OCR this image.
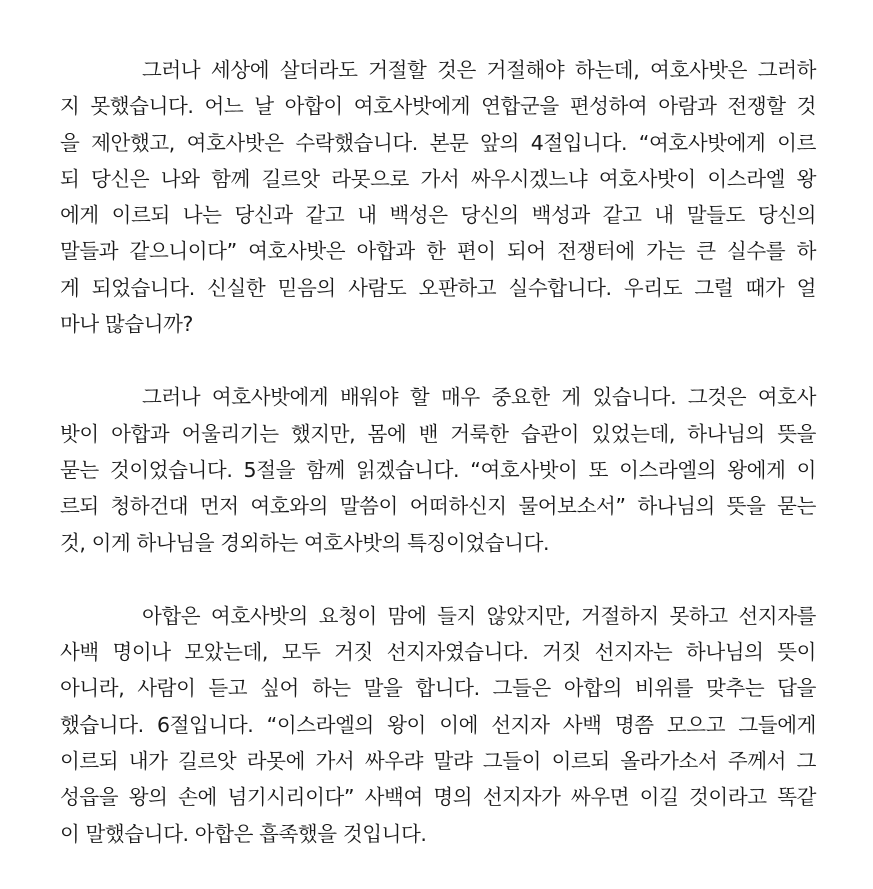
그러나 세상에 살더라도 거절할 것은 거절해야 하는데, 여호사밧은 그러하
지 못했습니다. 어느 날 아합이 여호사밧에게 연합군을 편성하여 아람과 전쟁할 것
을 제안했고, 여호사밧은 수락했습니다. 본문 앞의 4절입니다. “여호사밧에게 이르
되 당신은 나와 함께 길르앗 라못으로 가서 싸우시겠느냐 여호사밧이 이스라엘 왕
에게 이르되 나는 당신과 같고 내 백성은 당신의 백성과 같고 내 말들도 당신의
말들과 같으니이다” 여호사밧은 아합과 한 편이 되어 전쟁터에 가는 큰 실수를 하
게 되었습니다. 신실한 믿음의 사람도 오판하고 실수합니다. 우리도 그럴 때가 얼
마나 많습니까?
그러나 여호사밧에게 배워야 할 매우 중요한 게 있습니다. 그것은 여호사
밧이 아합과 어울리기는 했지만, 몸에 밴 거룩한 습관이 있었는데, 하나님의 뜻을
묻는 것이었습니다. 5절을 함께 읽겠습니다. “여호사밧이 또 이스라엘의 왕에게 이
르되 청하건대 먼저 여호와의 말씀이 어떠하신지 물어보소서” 하나님의 뜻을 묻는
것, 이게 하나님을 경외하는 여호사밧의 특징이었습니다.
아합은 여호사밧의 요청이 맘에 들지 않았지만, 거절하지 못하고 선지자를
사백 명이나 모았는데, 모두 거짓 선지자였습니다. 거짓 선지자는 하나님의 뜻이
아니라, 사람이 듣고 싶어 하는 말을 합니다. 그들은 아합의 비위를 맞추는 답을
했습니다. 6절입니다. “이스라엘의 왕이 이에 선지자 사백 명쯤 모으고 그들에게
이르되 내가 길르앗 라못에 가서 싸우랴 말랴 그들이 이르되 올라가소서 주께서 그
성읍을 왕의 손에 넘기시리이다” 사백여 명의 선지자가 싸우면 이길 것이라고 똑같
이 말했습니다. 아합은 흡족했을 것입니다.
